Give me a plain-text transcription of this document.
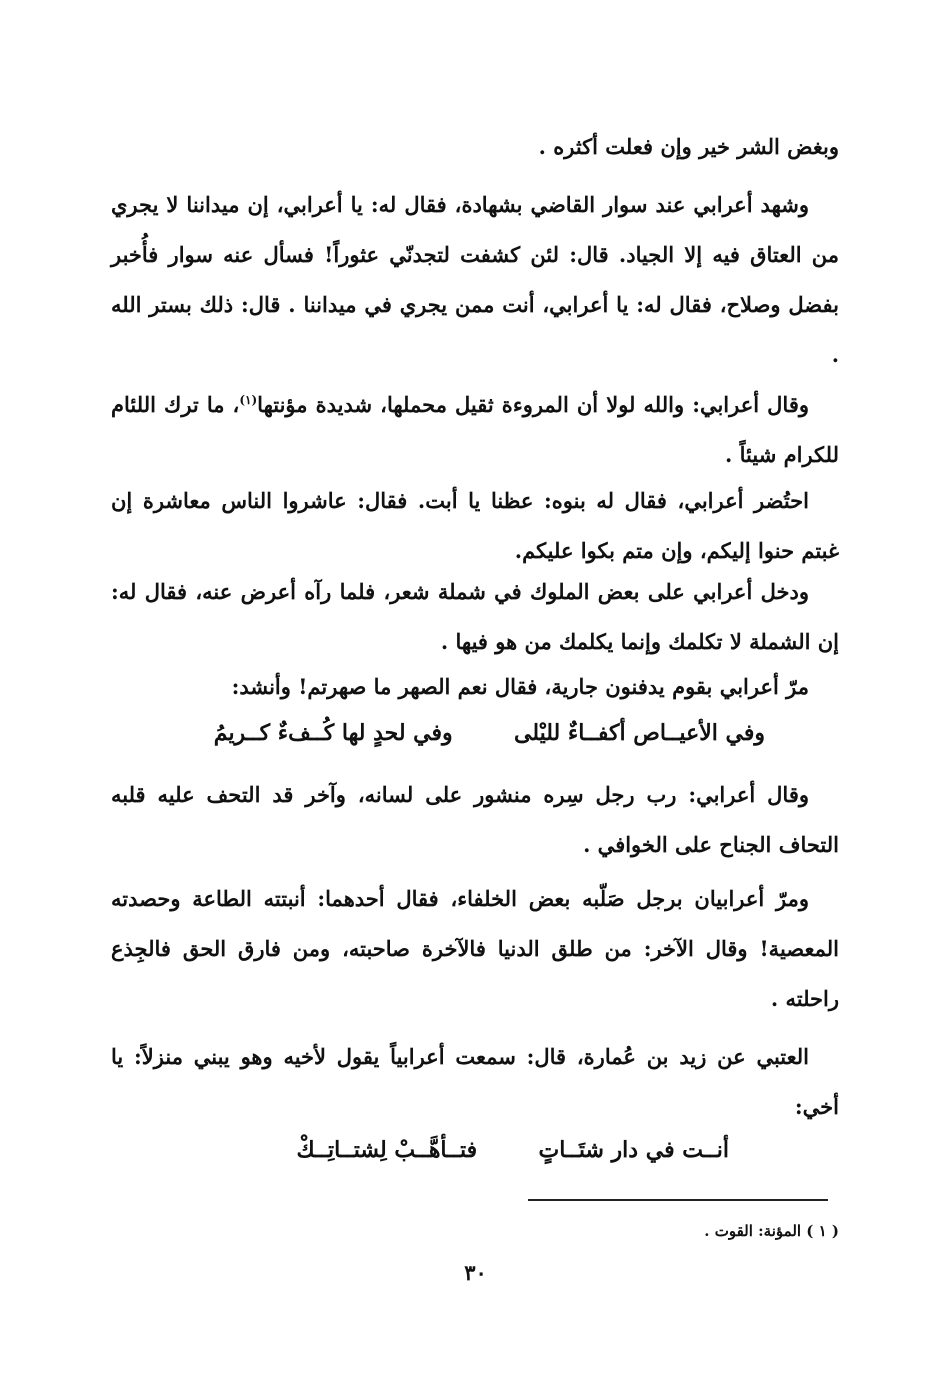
وبغض الشر خير وإن فعلت أكثره .

وشهد أعرابي عند سوار القاضي بشهادة، فقال له: يا أعرابي، إن ميداننا لا يجري من العتاق فيه إلا الجياد. قال: لئن كشفت لتجدنّي عثوراً! فسأل عنه سوار فأُخبر بفضل وصلاح، فقال له: يا أعرابي، أنت ممن يجري في ميداننا . قال: ذلك بستر الله .

وقال أعرابي: والله لولا أن المروءة ثقيل محملها، شديدة مؤنتها$^{(١)}$، ما ترك اللئام للكرام شيئاً .

احتُضر أعرابي، فقال له بنوه: عظنا يا أبت. فقال: عاشروا الناس معاشرة إن غبتم حنوا إليكم، وإن متم بكوا عليكم.

ودخل أعرابي على بعض الملوك في شملة شعر، فلما رآه أعرض عنه، فقال له: إن الشملة لا تكلمك وإنما يكلمك من هو فيها .

مرّ أعرابي بقوم يدفنون جارية، فقال نعم الصهر ما صهرتم! وأنشد:

وفي الأعيــاص أكفــاءٌ لليْلى  وفي لحدٍ لها كُــفءٌ كــريمُ

وقال أعرابي: رب رجل سِره منشور على لسانه، وآخر قد التحف عليه قلبه التحاف الجناح على الخوافي .

ومرّ أعرابيان برجل صَلّبه بعض الخلفاء، فقال أحدهما: أنبتته الطاعة وحصدته المعصية! وقال الآخر: من طلق الدنيا فالآخرة صاحبته، ومن فارق الحق فالجِذع راحلته .

العتبي عن زيد بن عُمارة، قال: سمعت أعرابياً يقول لأخيه وهو يبني منزلاً: يا أخي:

أنــت في دار شتَــاتٍ  فتــأهَّــبْ لِشتــاتِــكْ
( ١ ) المؤنة: القوت .
٣٠
